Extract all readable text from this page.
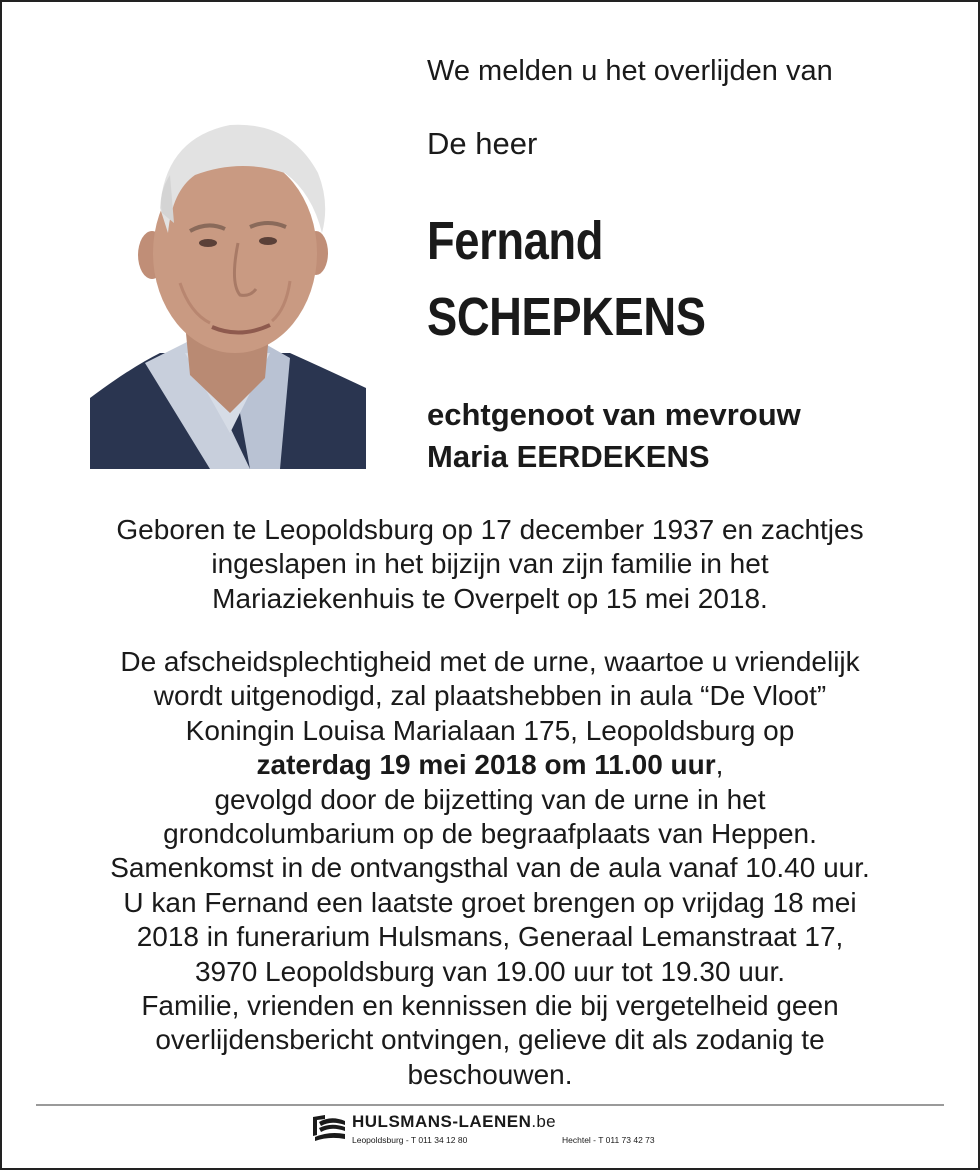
We melden u het overlijden van
De heer
Fernand
SCHEPKENS
echtgenoot van mevrouw
Maria EERDEKENS
Geboren te Leopoldsburg op 17 december 1937 en zachtjes
ingeslapen in het bijzijn van zijn familie in het
Mariaziekenhuis te Overpelt op 15 mei 2018.
De afscheidsplechtigheid met de urne, waartoe u vriendelijk
wordt uitgenodigd, zal plaatshebben in aula “De Vloot”
Koningin Louisa Marialaan 175, Leopoldsburg op
zaterdag 19 mei 2018 om 11.00 uur,
gevolgd door de bijzetting van de urne in het
grondcolumbarium op de begraafplaats van Heppen.
Samenkomst in de ontvangsthal van de aula vanaf 10.40 uur.
U kan Fernand een laatste groet brengen op vrijdag 18 mei
2018 in funerarium Hulsmans, Generaal Lemanstraat 17,
3970 Leopoldsburg van 19.00 uur tot 19.30 uur.
Familie, vrienden en kennissen die bij vergetelheid geen
overlijdensbericht ontvingen, gelieve dit als zodanig te
beschouwen.
HULSMANS-LAENEN.be
Leopoldsburg - T 011 34 12 80	Hechtel - T 011 73 42 73
